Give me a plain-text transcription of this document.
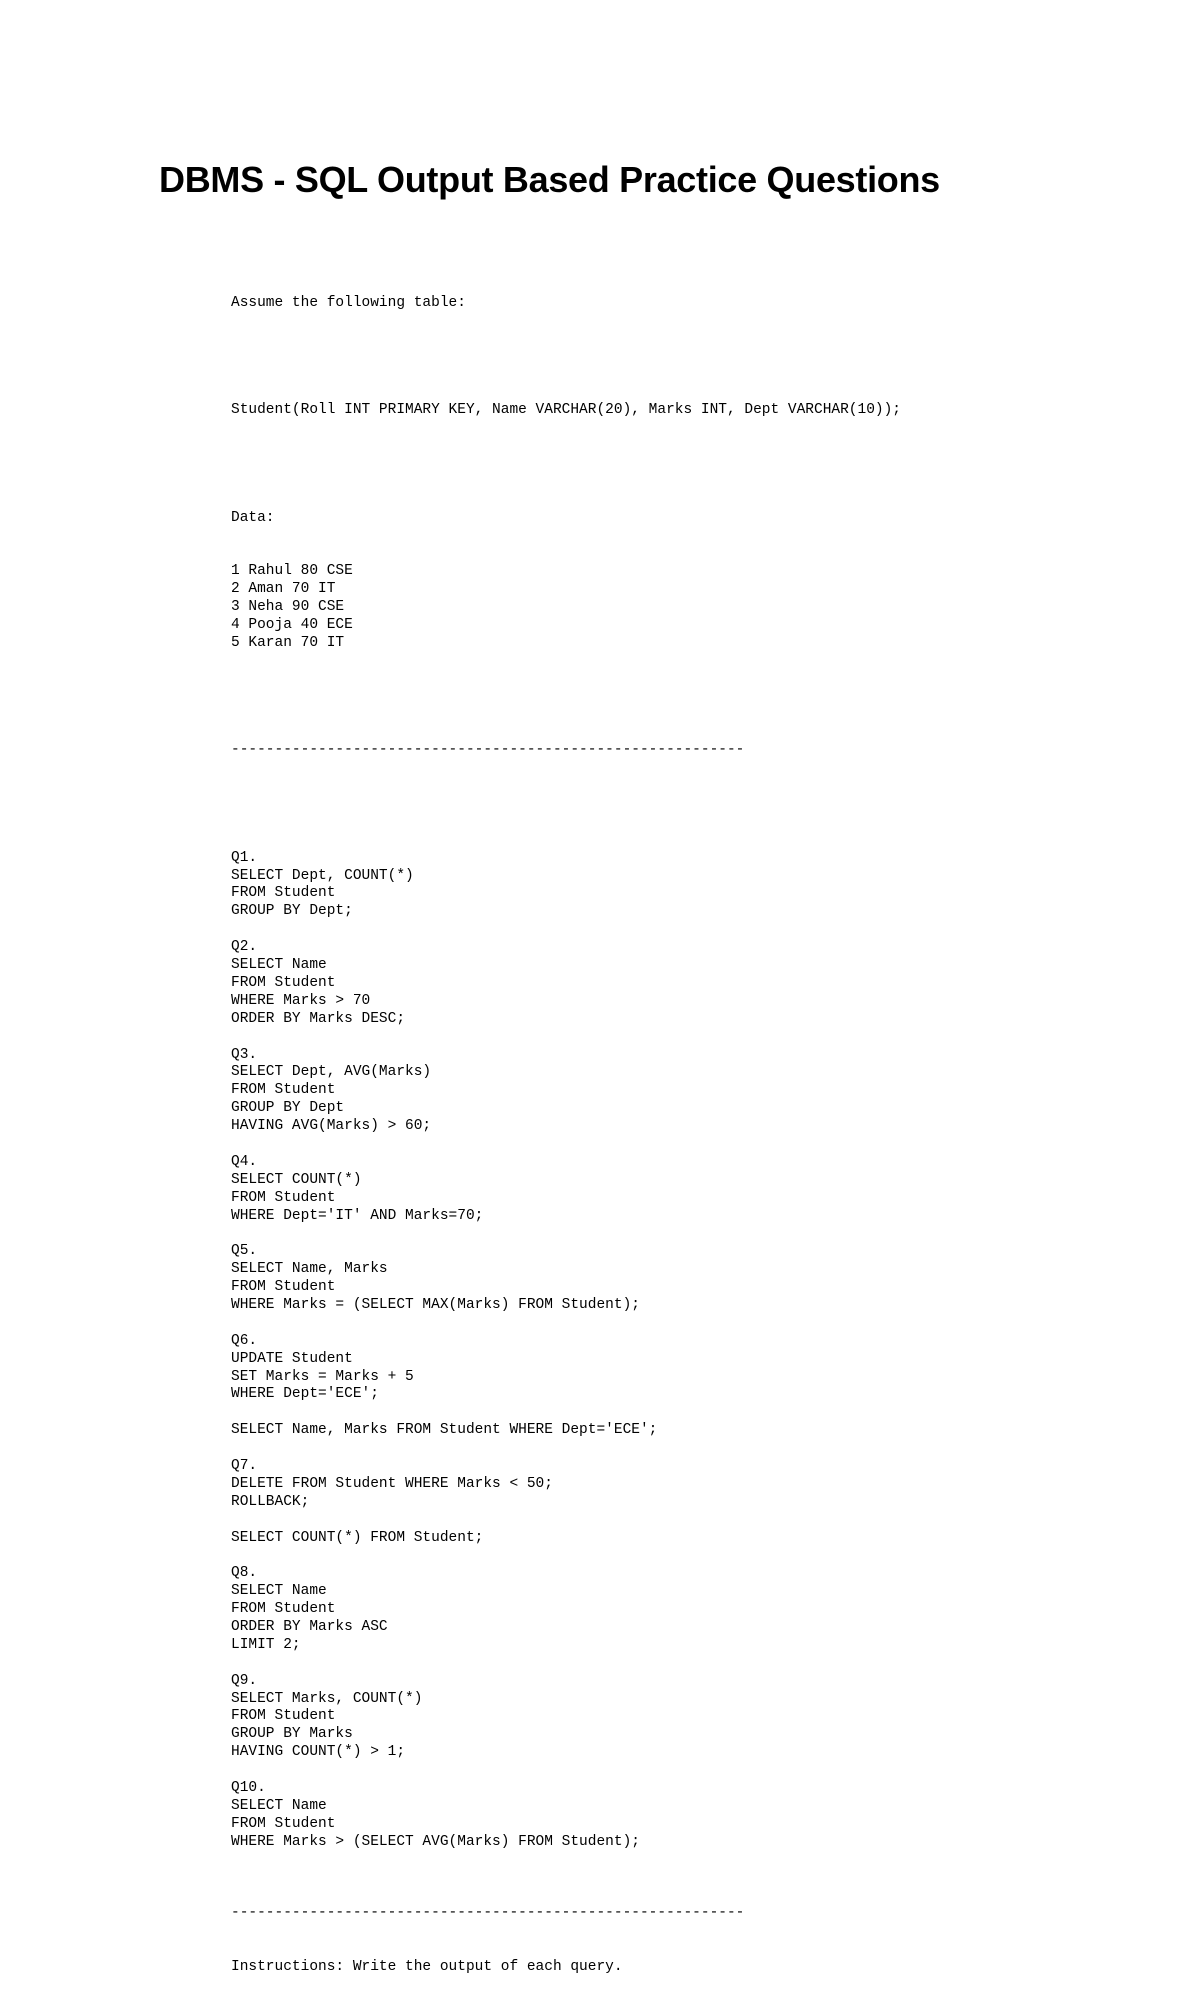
DBMS - SQL Output Based Practice Questions

Assume the following table:

Student(Roll INT PRIMARY KEY, Name VARCHAR(20), Marks INT, Dept VARCHAR(10));

Data:

1 Rahul 80 CSE
2 Aman 70 IT
3 Neha 90 CSE
4 Pooja 40 ECE
5 Karan 70 IT

-----------------------------------------------------------

Q1.
SELECT Dept, COUNT(*)
FROM Student
GROUP BY Dept;
Q2.
SELECT Name
FROM Student
WHERE Marks > 70
ORDER BY Marks DESC;
Q3.
SELECT Dept, AVG(Marks)
FROM Student
GROUP BY Dept
HAVING AVG(Marks) > 60;
Q4.
SELECT COUNT(*)
FROM Student
WHERE Dept='IT' AND Marks=70;
Q5.
SELECT Name, Marks
FROM Student
WHERE Marks = (SELECT MAX(Marks) FROM Student);
Q6.
UPDATE Student
SET Marks = Marks + 5
WHERE Dept='ECE';
SELECT Name, Marks FROM Student WHERE Dept='ECE';
Q7.
DELETE FROM Student WHERE Marks < 50;
ROLLBACK;
SELECT COUNT(*) FROM Student;
Q8.
SELECT Name
FROM Student
ORDER BY Marks ASC
LIMIT 2;
Q9.
SELECT Marks, COUNT(*)
FROM Student
GROUP BY Marks
HAVING COUNT(*) > 1;
Q10.
SELECT Name
FROM Student
WHERE Marks > (SELECT AVG(Marks) FROM Student);

-----------------------------------------------------------

Instructions: Write the output of each query.
